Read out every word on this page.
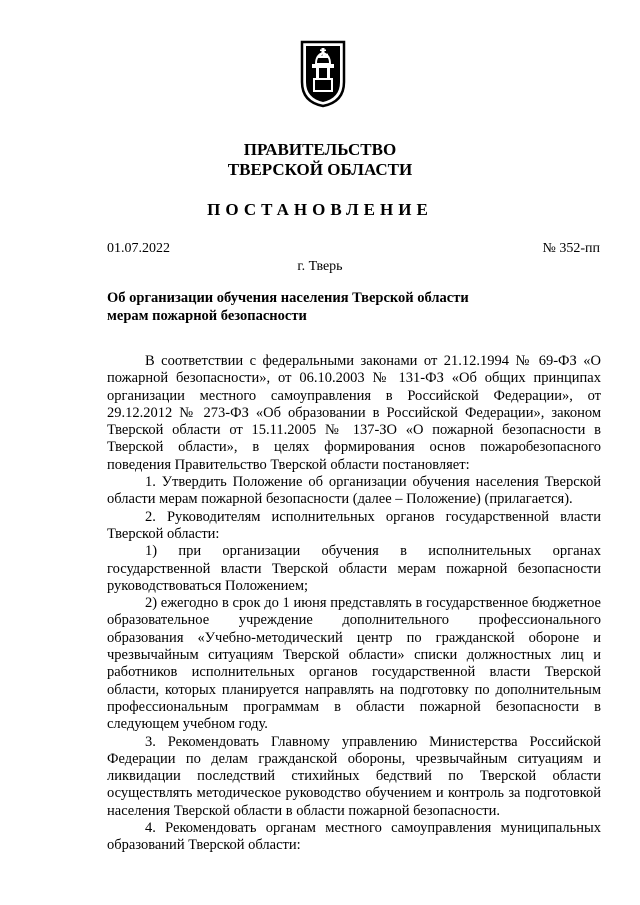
ПРАВИТЕЛЬСТВО
ТВЕРСКОЙ ОБЛАСТИ
ПОСТАНОВЛЕНИЕ
01.07.2022	№ 352-пп
г. Тверь
Об организации обучения населения Тверской области
мерам пожарной безопасности

В соответствии с федеральными законами от 21.12.1994 № 69-ФЗ «О пожарной безопасности», от 06.10.2003 № 131-ФЗ «Об общих принципах организации местного самоуправления в Российской Федерации», от 29.12.2012 № 273-ФЗ «Об образовании в Российской Федерации», законом Тверской области от 15.11.2005 № 137-ЗО «О пожарной безопасности в Тверской области», в целях формирования основ пожаробезопасного поведения Правительство Тверской области постановляет:

1. Утвердить Положение об организации обучения населения Тверской области мерам пожарной безопасности (далее – Положение) (прилагается).

2. Руководителям исполнительных органов государственной власти Тверской области:

1) при организации обучения в исполнительных органах государственной власти Тверской области мерам пожарной безопасности руководствоваться Положением;

2) ежегодно в срок до 1 июня представлять в государственное бюджетное образовательное учреждение дополнительного профессионального образования «Учебно-методический центр по гражданской обороне и чрезвычайным ситуациям Тверской области» списки должностных лиц и работников исполнительных органов государственной власти Тверской области, которых планируется направлять на подготовку по дополнительным профессиональным программам в области пожарной безопасности в следующем учебном году.

3. Рекомендовать Главному управлению Министерства Российской Федерации по делам гражданской обороны, чрезвычайным ситуациям и ликвидации последствий стихийных бедствий по Тверской области осуществлять методическое руководство обучением и контроль за подготовкой населения Тверской области в области пожарной безопасности.

4. Рекомендовать органам местного самоуправления муниципальных образований Тверской области:
